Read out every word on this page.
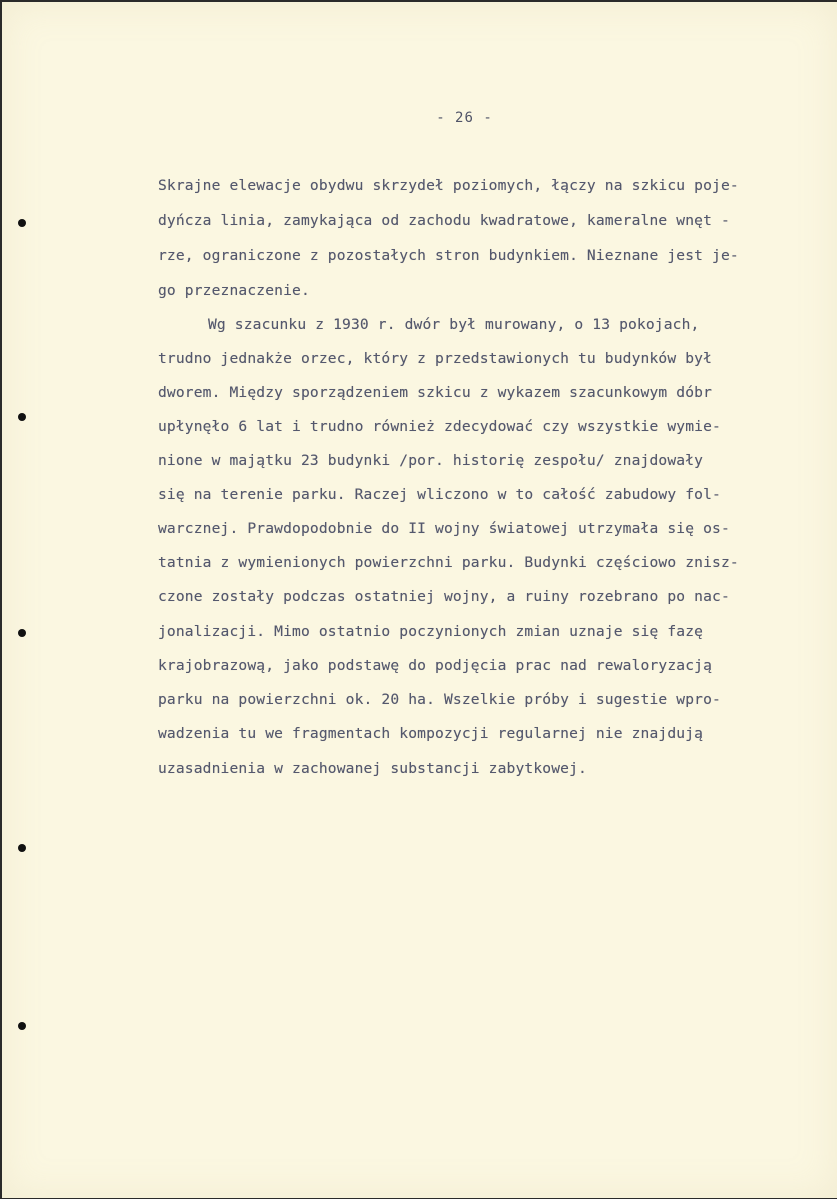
- 26 -
Skrajne elewacje obydwu skrzydeł poziomych, łączy na szkicu poje-
dyńcza linia, zamykająca od zachodu kwadratowe, kameralne wnęt -
rze, ograniczone z pozostałych stron budynkiem. Nieznane jest je-
go przeznaczenie.
Wg szacunku z 1930 r. dwór był murowany, o 13 pokojach,
trudno jednakże orzec, który z przedstawionych tu budynków był
dworem. Między sporządzeniem szkicu z wykazem szacunkowym dóbr
upłynęło 6 lat i trudno również zdecydować czy wszystkie wymie-
nione w majątku 23 budynki /por. historię zespołu/ znajdowały
się na terenie parku. Raczej wliczono w to całość zabudowy fol-
warcznej. Prawdopodobnie do II wojny światowej utrzymała się os-
tatnia z wymienionych powierzchni parku. Budynki częściowo znisz-
czone zostały podczas ostatniej wojny, a ruiny rozebrano po nac-
jonalizacji. Mimo ostatnio poczynionych zmian uznaje się fazę
krajobrazową, jako podstawę do podjęcia prac nad rewaloryzacją
parku na powierzchni ok. 20 ha. Wszelkie próby i sugestie wpro-
wadzenia tu we fragmentach kompozycji regularnej nie znajdują
uzasadnienia w zachowanej substancji zabytkowej.
